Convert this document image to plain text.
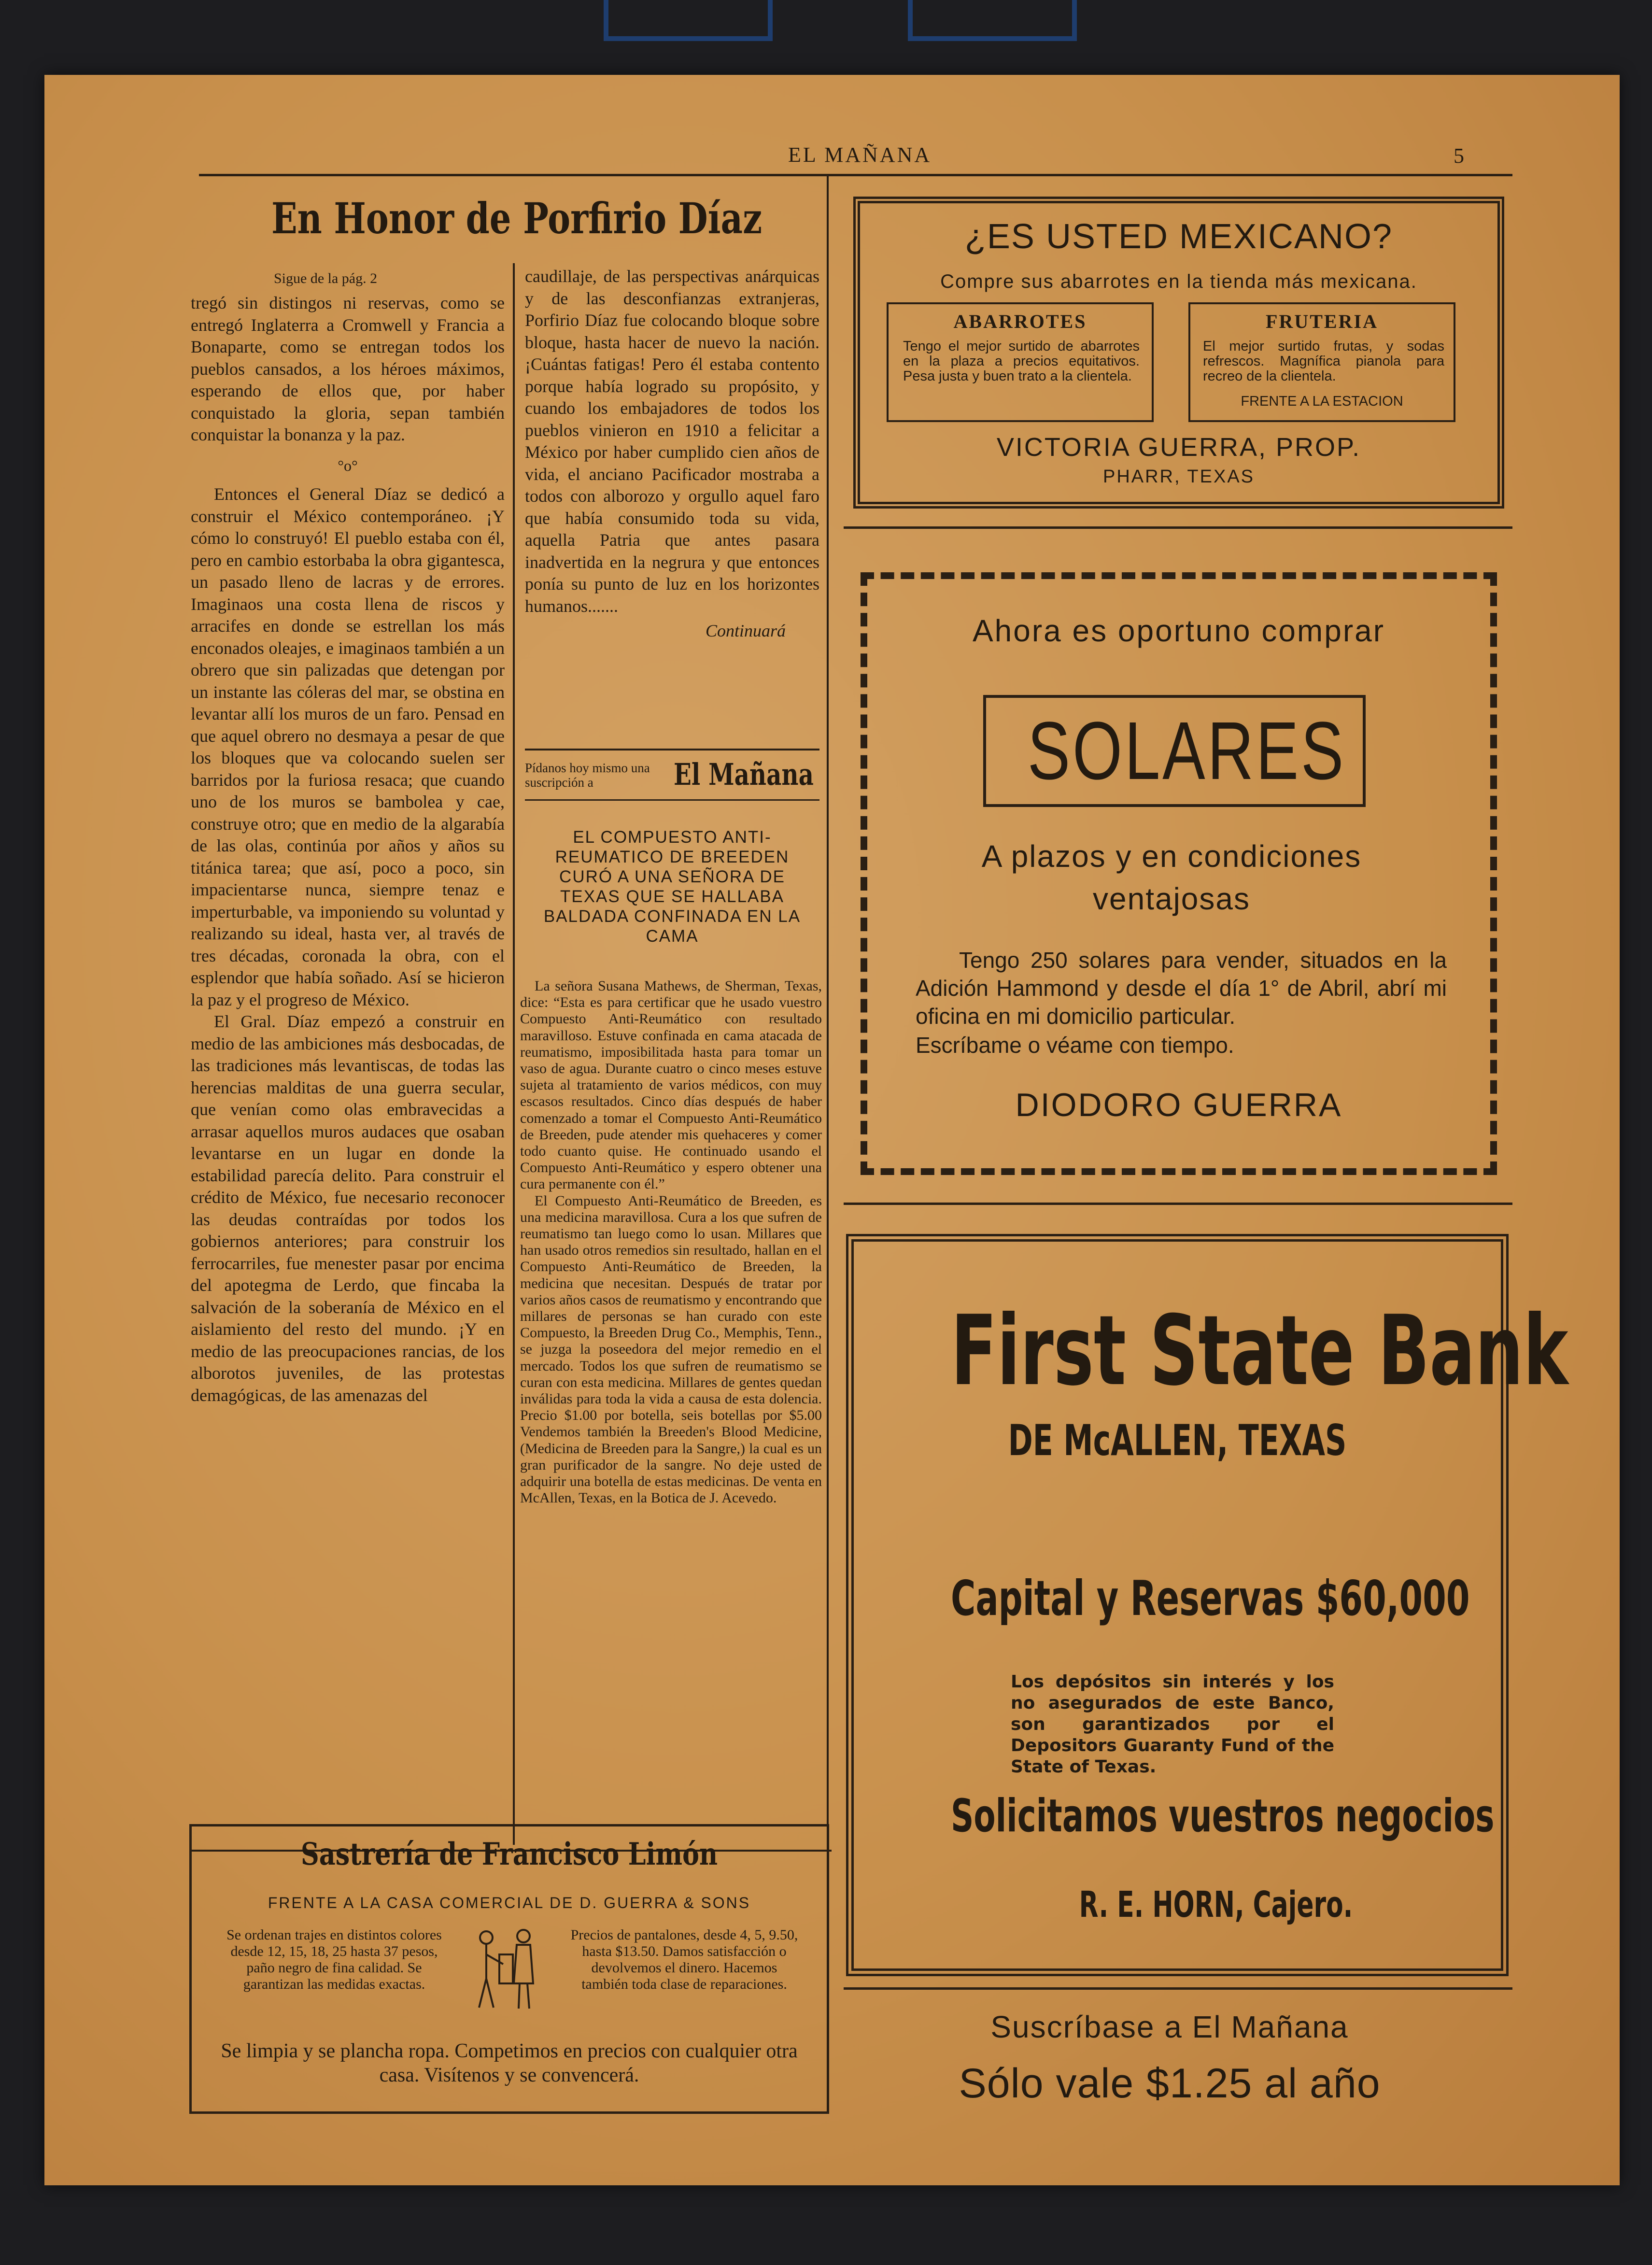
EL MAÑANA	5
En Honor de Porfirio Díaz
Sigue de la pág. 2

tregó sin distingos ni reservas, como se entregó Inglaterra a Cromwell y Francia a Bonaparte, como se entregan todos los pueblos cansados, a los héroes máximos, esperando de ellos que, por haber conquistado la gloria, sepan también conquistar la bonanza y la paz.

°o°

Entonces el General Díaz se dedicó a construir el México contemporáneo. ¡Y cómo lo construyó! El pueblo estaba con él, pero en cambio estorbaba la obra gigantesca, un pasado lleno de lacras y de errores. Imaginaos una costa llena de riscos y arracifes en donde se estrellan los más enconados oleajes, e imaginaos también a un obrero que sin palizadas que detengan por un instante las cóleras del mar, se obstina en levantar allí los muros de un faro. Pensad en que aquel obrero no desmaya a pesar de que los bloques que va colocando suelen ser barridos por la furiosa resaca; que cuando uno de los muros se bambolea y cae, construye otro; que en medio de la algarabía de las olas, continúa por años y años su titánica tarea; que así, poco a poco, sin impacientarse nunca, siempre tenaz e imperturbable, va imponiendo su voluntad y realizando su ideal, hasta ver, al través de tres décadas, coronada la obra, con el esplendor que había soñado. Así se hicieron la paz y el progreso de México.

El Gral. Díaz empezó a construir en medio de las ambiciones más desbocadas, de las tradiciones más levantiscas, de todas las herencias malditas de una guerra secular, que venían como olas embravecidas a arrasar aquellos muros audaces que osaban levantarse en un lugar en donde la estabilidad parecía delito. Para construir el crédito de México, fue necesario reconocer las deudas contraídas por todos los gobiernos anteriores; para construir los ferrocarriles, fue menester pasar por encima del apotegma de Lerdo, que fincaba la salvación de la soberanía de México en el aislamiento del resto del mundo. ¡Y en medio de las preocupaciones rancias, de los alborotos juveniles, de las protestas demagógicas, de las amenazas del

caudillaje, de las perspectivas anárquicas y de las desconfianzas extranjeras, Porfirio Díaz fue colocando bloque sobre bloque, hasta hacer de nuevo la nación. ¡Cuántas fatigas! Pero él estaba contento porque había logrado su propósito, y cuando los embajadores de todos los pueblos vinieron en 1910 a felicitar a México por haber cumplido cien años de vida, el anciano Pacificador mostraba a todos con alborozo y orgullo aquel faro que había consumido toda su vida, aquella Patria que antes pasara inadvertida en la negrura y que entonces ponía su punto de luz en los horizontes humanos.......

Continuará
Pídanos hoy mismo una suscripción a	El Mañana
EL COMPUESTO ANTI-REUMATICO DE BREEDEN CURÓ A UNA SEÑORA DE TEXAS QUE SE HALLABA BALDADA CONFINADA EN LA CAMA

La señora Susana Mathews, de Sherman, Texas, dice: “Esta es para certificar que he usado vuestro Compuesto Anti-Reumático con resultado maravilloso. Estuve confinada en cama atacada de reumatismo, imposibilitada hasta para tomar un vaso de agua. Durante cuatro o cinco meses estuve sujeta al tratamiento de varios médicos, con muy escasos resultados. Cinco días después de haber comenzado a tomar el Compuesto Anti-Reumático de Breeden, pude atender mis quehaceres y comer todo cuanto quise. He continuado usando el Compuesto Anti-Reumático y espero obtener una cura permanente con él.”

El Compuesto Anti-Reumático de Breeden, es una medicina maravillosa. Cura a los que sufren de reumatismo tan luego como lo usan. Millares que han usado otros remedios sin resultado, hallan en el Compuesto Anti-Reumático de Breeden, la medicina que necesitan. Después de tratar por varios años casos de reumatismo y encontrando que millares de personas se han curado con este Compuesto, la Breeden Drug Co., Memphis, Tenn., se juzga la poseedora del mejor remedio en el mercado. Todos los que sufren de reumatismo se curan con esta medicina. Millares de gentes quedan inválidas para toda la vida a causa de esta dolencia. Precio $1.00 por botella, seis botellas por $5.00 Vendemos también la Breeden's Blood Medicine, (Medicina de Breeden para la Sangre,) la cual es un gran purificador de la sangre. No deje usted de adquirir una botella de estas medicinas. De venta en McAllen, Texas, en la Botica de J. Acevedo.

Sastrería de Francisco Limón
FRENTE A LA CASA COMERCIAL DE D. GUERRA & SONS
Se ordenan trajes en distintos colores desde 12, 15, 18, 25 hasta 37 pesos, paño negro de fina calidad. Se garantizan las medidas exactas.
Precios de pantalones, desde 4, 5, 9.50, hasta $13.50. Damos satisfacción o devolvemos el dinero. Hacemos también toda clase de reparaciones.
Se limpia y se plancha ropa. Competimos en precios con cualquier otra casa. Visítenos y se convencerá.
¿ES USTED MEXICANO?
Compre sus abarrotes en la tienda más mexicana.
ABARROTES
Tengo el mejor surtido de abarrotes en la plaza a precios equitativos. Pesa justa y buen trato a la clientela.
FRUTERIA
El mejor surtido frutas, y sodas refrescos. Magnífica pianola para recreo de la clientela.
FRENTE A LA ESTACION
VICTORIA GUERRA, PROP.
PHARR, TEXAS
Ahora es oportuno comprar
SOLARES
A plazos y en condiciones ventajosas
Tengo 250 solares para vender, situados en la Adición Hammond y desde el día 1° de Abril, abrí mi oficina en mi domicilio particular.
Escríbame o véame con tiempo.
DIODORO GUERRA
First State Bank
DE McALLEN, TEXAS
Capital y Reservas $60,000
Los depósitos sin interés y los no asegurados de este Banco, son garantizados por el Depositors Guaranty Fund of the State of Texas.
Solicitamos vuestros negocios
R. E. HORN, Cajero.
Suscríbase a El Mañana
Sólo vale $1.25 al año
